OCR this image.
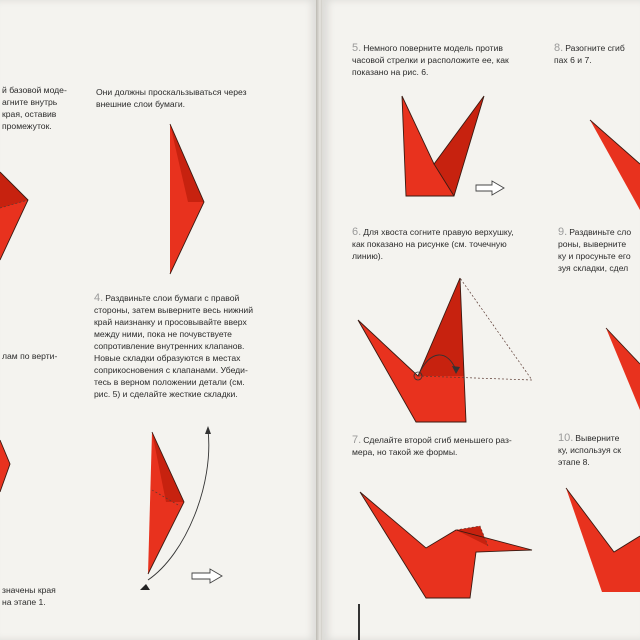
й базовой моде-
агните внутрь
края, оставив
промежуток.

Они должны проскальзываться через
внешние слои бумаги.

лам по верти-

4. Раздвиньте слои бумаги с правой
стороны, затем выверните весь нижний
край наизнанку и просовывайте вверх
между ними, пока не почувствуете
сопротивление внутренних клапанов.
Новые складки образуются в местах
соприкосновения с клапанами. Убеди-
тесь в верном положении детали (см.
рис. 5) и сделайте жесткие складки.

значены края
на этапе 1.

5. Немного поверните модель против
часовой стрелки и расположите ее, как
показано на рис. 6.

8. Разогните сгиб
пах 6 и 7.

6. Для хвоста согните правую верхушку,
как показано на рисунке (см. точечную
линию).

9. Раздвиньте сло
роны, выверните
ку и просуньте его
зуя складки, сдел

7. Сделайте второй сгиб меньшего раз-
мера, но такой же формы.

10. Выверните
ку, используя ск
этапе 8.
